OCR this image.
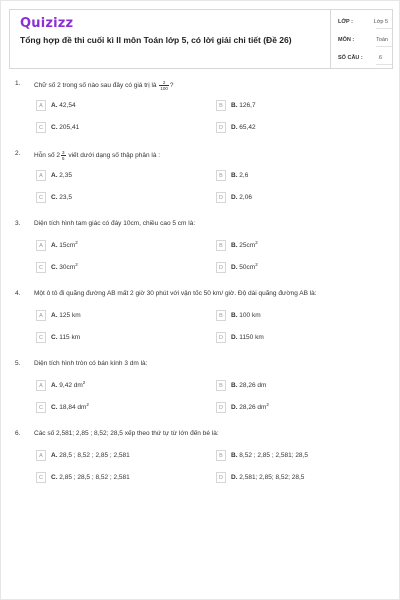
Quizizz
Tổng hợp đề thi cuối kì II môn Toán lớp 5, có lời giải chi tiết (Đề 26)
LỚP :	Lớp 5
MÔN :	Toán
SỐ CÂU :	6
1. Chữ số 2 trong số nào sau đây có giá trị là $\frac{2}{100}$ ?
2. Hỗn số $2 \frac{3}{5}$ viết dưới dạng số thập phân là :
3. Diện tích hình tam giác có đáy 10cm, chiều cao 5 cm là:
4. Một ô tô đi quãng đường AB mất 2 giờ 30 phút với vận tốc 50 km/ giờ. Độ dài quãng đường AB là:
5. Diện tích hình tròn có bán kính 3 dm là:
6. Các số 2,581; 2,85 ; 8,52; 28,5 xếp theo thứ tự từ lớn đến bé là:
A	A. 42,54	B	B. 126,7
C	C. 205,41	D	D. 65,42
A	A. 2,35	B	B. 2,6
C	C. 23,5	D	D. 2,06
A	A. $15cm^2$
B	B. $25cm^2$
C	C. $30cm^2$
D	D. $50cm^2$
A	A. 125 km	B	B. 100 km
C	C. 115 km	D	D. 1150 km
A	A. 9,42 $dm^2$
B	B. 28,26 dm
C	C. 18,84 $dm^2$
D	D. 28,26 $dm^2$
A	A. 28,5 ; 8,52 ; 2,85 ; 2,581	B	B. 8,52 ; 2,85 ; 2,581; 28,5
C	C. 2,85 ; 28,5 ; 8,52 ; 2,581	D	D. 2,581; 2,85; 8,52; 28,5
